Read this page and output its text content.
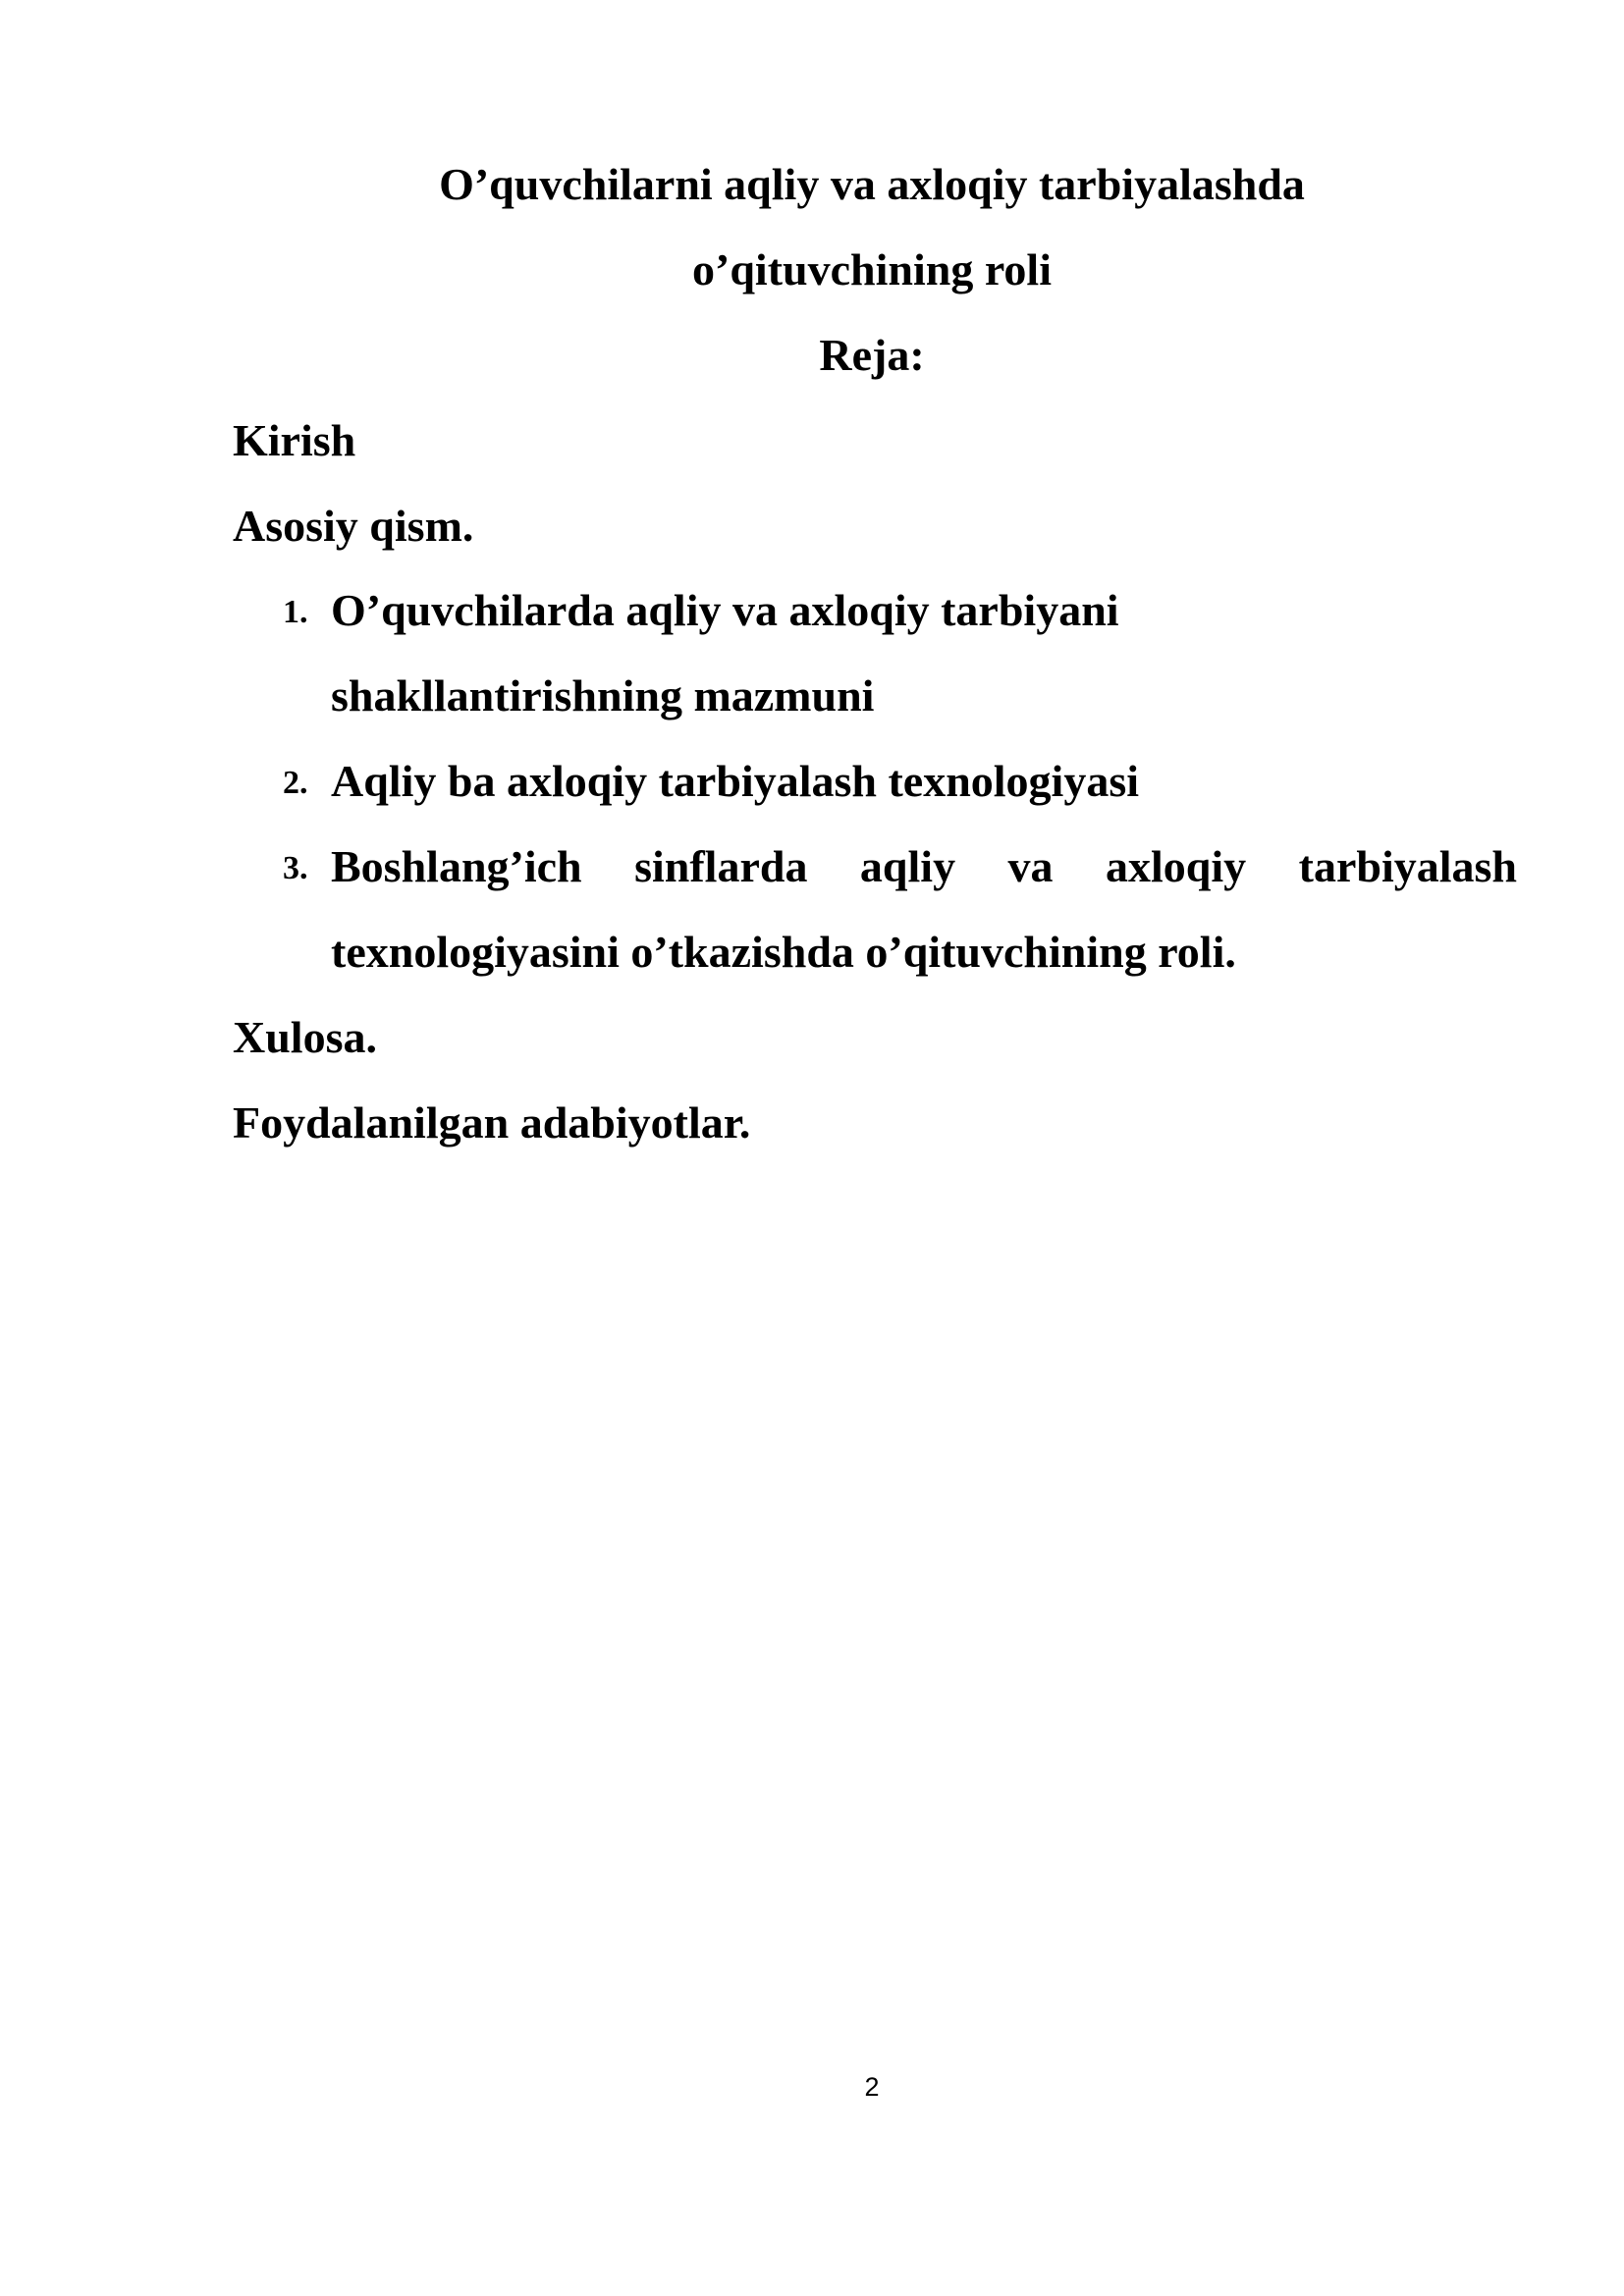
O’quvchilarni aqliy va axloqiy tarbiyalashda
o’qituvchining roli
Reja:
Kirish
Asosiy qism.
1. O’quvchilarda aqliy va axloqiy tarbiyani
shakllantirishning mazmuni
2. Aqliy ba axloqiy tarbiyalash texnologiyasi
3. Boshlang’ich sinflarda aqliy va axloqiy tarbiyalash
texnologiyasini o’tkazishda o’qituvchining roli.
Xulosa.
Foydalanilgan adabiyotlar.
2
